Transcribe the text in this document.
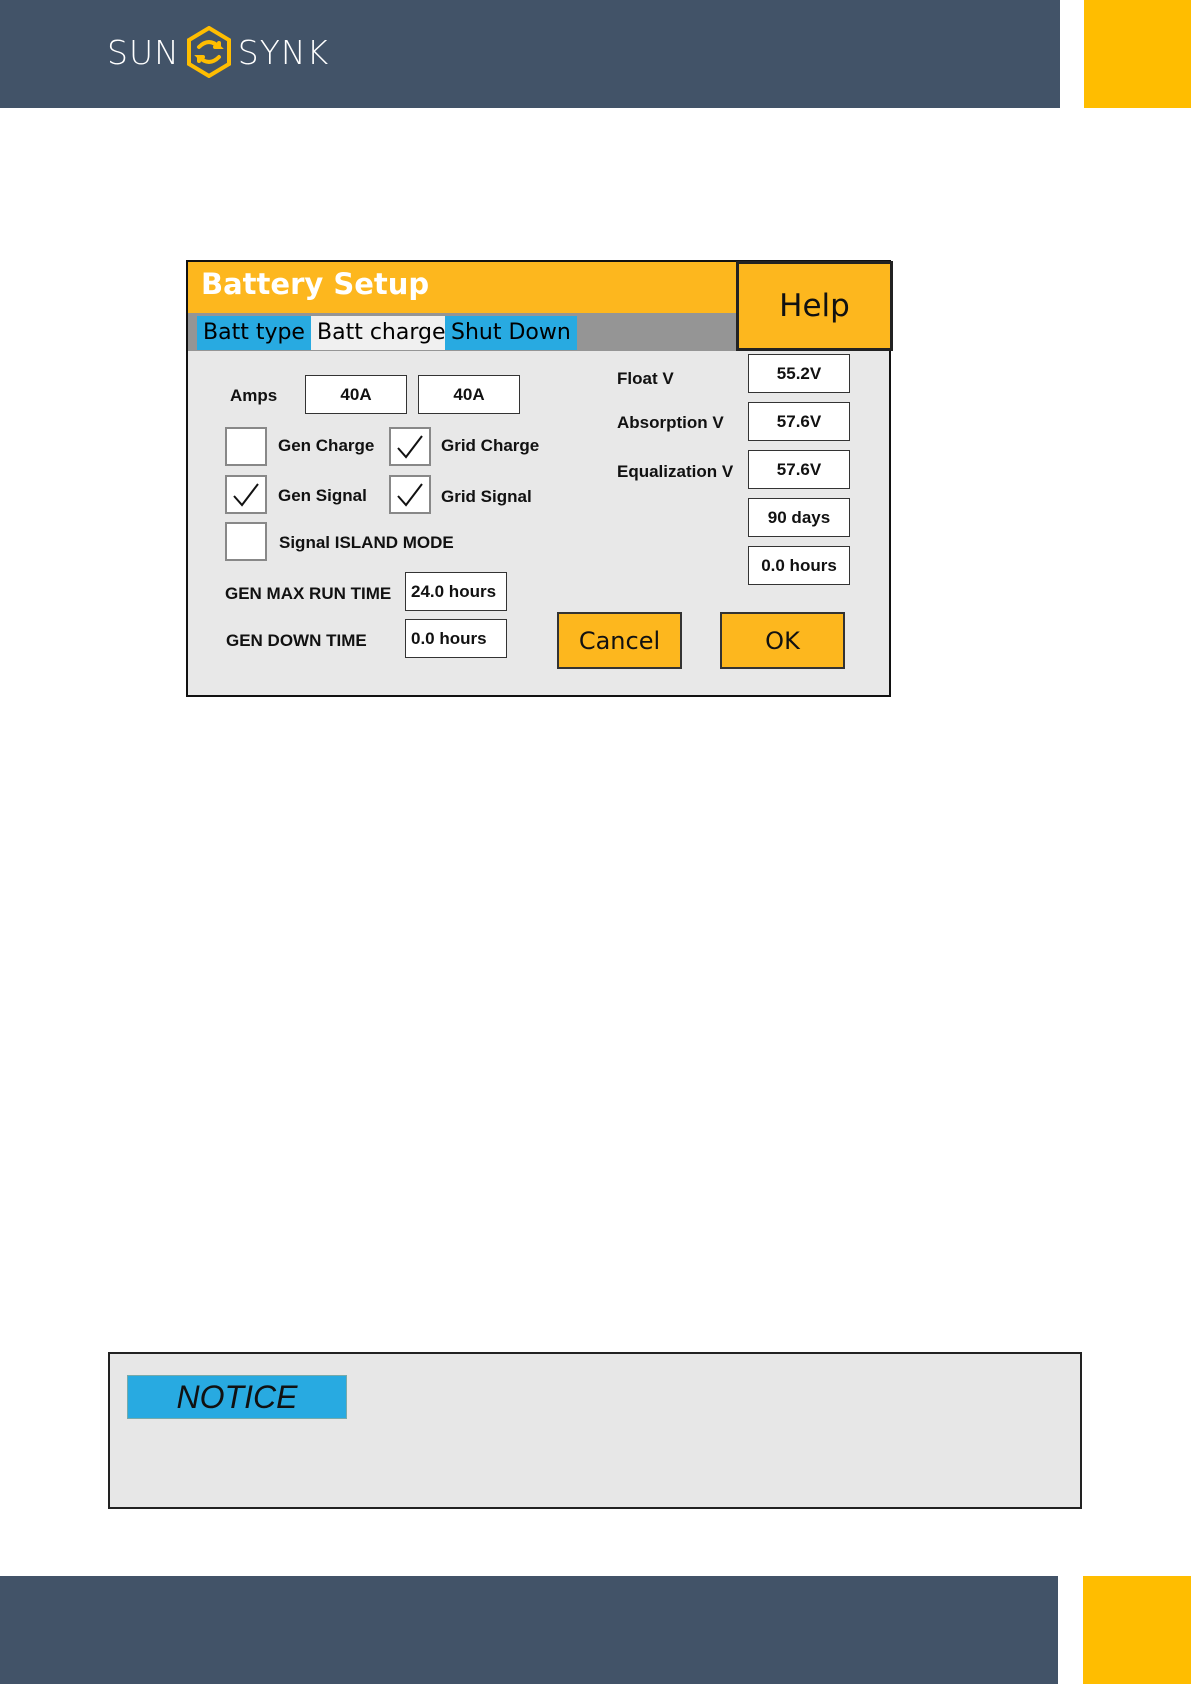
SUN SYNK
Battery Setup
Batt type Batt charge Shut Down
Help
Amps	40A	40A
Gen Charge	Grid Charge
Gen Signal	Grid Signal
Signal ISLAND MODE
GEN MAX RUN TIME	24.0 hours
GEN DOWN TIME	0.0 hours
Float V	55.2V
Absorption V	57.6V
Equalization V	57.6V
90 days
0.0 hours
Cancel	OK
NOTICE
